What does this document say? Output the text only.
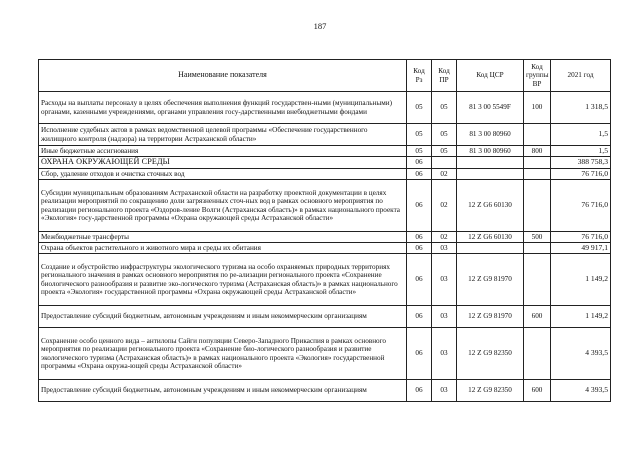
187
Наименование показателя	Код Рз	Код ПР	Код ЦСР	Код группы ВР	2021 год
Расходы на выплаты персоналу в целях обеспечения выполнения функций государствен-ными (муниципальными) органами, казенными учреждениями, органами управления госу-дарственными внебюджетными фондами	05	05	81 3 00 5549F	100	1 318,5
Исполнение судебных актов в рамках ведомственной целевой программы «Обеспечение государственного жилищного контроля (надзора) на территории Астраханской области»	05	05	81 3 00 80960		1,5
Иные бюджетные ассигнования	05	05	81 3 00 80960	800	1,5
ОХРАНА ОКРУЖАЮЩЕЙ СРЕДЫ	06				388 758,3
Сбор, удаление отходов и очистка сточных вод	06	02			76 716,0
Субсидии муниципальным образованиям Астраханской области на разработку проектной документации в целях реализации мероприятий по сокращению доли загрязненных сточ-ных вод в рамках основного мероприятия по реализации регионального проекта «Оздоров-ление Волги (Астраханская область)» в рамках национального проекта «Экология» госу-дарственной программы «Охрана окружающей среды Астраханской области»	06	02	12 Z G6 60130		76 716,0
Межбюджетные трансферты	06	02	12 Z G6 60130	500	76 716,0
Охрана объектов растительного и животного мира и среды их обитания	06	03			49 917,1
Создание и обустройство инфраструктуры экологического туризма на особо охраняемых природных территориях регионального значения в рамках основного мероприятия по ре-ализации регионального проекта «Сохранение биологического разнообразия и развитие эко-логического туризма (Астраханская область)» в рамках национального проекта «Экология» государственной программы «Охрана окружающей среды Астраханской области»	06	03	12 Z G9 81970		1 149,2
Предоставление субсидий бюджетным, автономным учреждениям и иным некоммерческим организациям	06	03	12 Z G9 81970	600	1 149,2
Сохранение особо ценного вида – антилопы Сайги популяции Северо-Западного Прикаспия в рамках основного мероприятия по реализации регионального проекта «Сохранение био-логического разнообразия и развитие экологического туризма (Астраханская область)» в рамках национального проекта «Экология» государственной программы «Охрана окружа-ющей среды Астраханской области»	06	03	12 Z G9 82350		4 393,5
Предоставление субсидий бюджетным, автономным учреждениям и иным некоммерческим организациям	06	03	12 Z G9 82350	600	4 393,5
